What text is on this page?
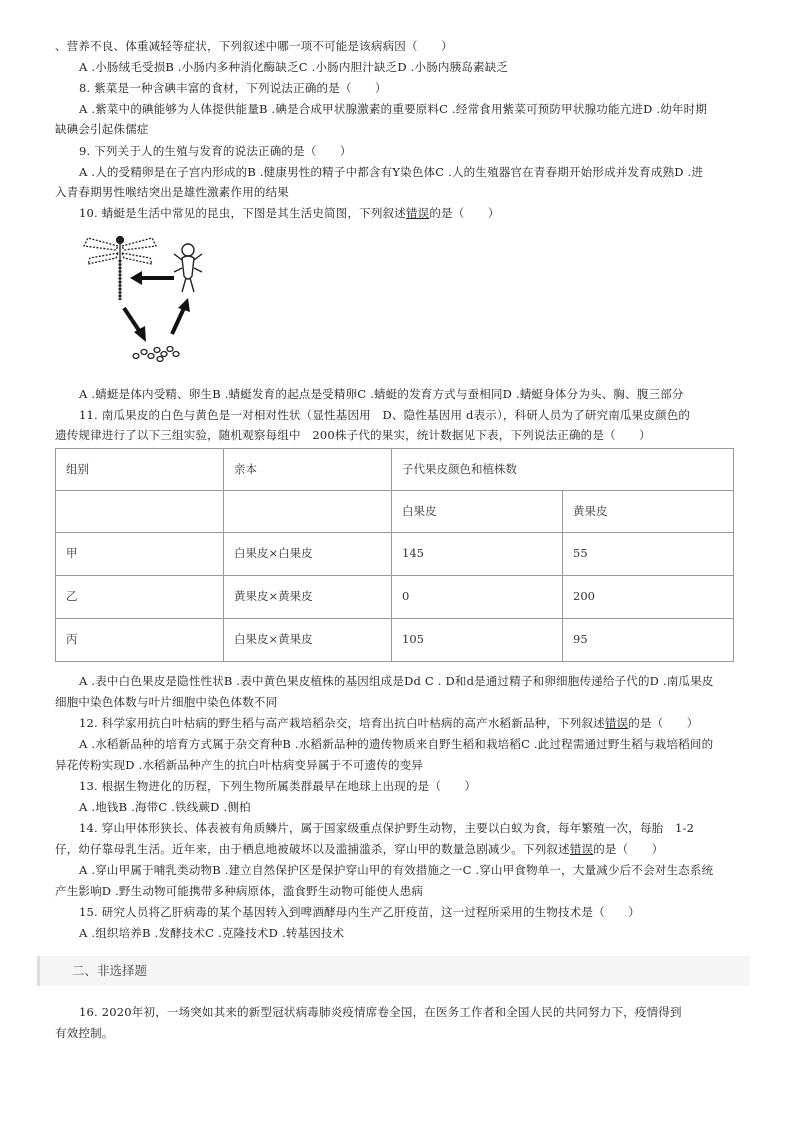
、营养不良、体重减轻等症状，下列叙述中哪一项不可能是该病病因（　　）
A .小肠绒毛受损B .小肠内多种消化酶缺乏C .小肠内胆汁缺乏D .小肠内胰岛素缺乏
8. 紫菜是一种含碘丰富的食材，下列说法正确的是（　　）
A .紫菜中的碘能够为人体提供能量B .碘是合成甲状腺激素的重要原料C .经常食用紫菜可预防甲状腺功能亢进D .幼年时期
缺碘会引起侏儒症
9. 下列关于人的生殖与发育的说法正确的是（　　）
A .人的受精卵是在子宫内形成的B .健康男性的精子中都含有Y染色体C .人的生殖器官在青春期开始形成并发育成熟D .进
入青春期男性喉结突出是雄性激素作用的结果
10. 蜻蜓是生活中常见的昆虫，下图是其生活史简图，下列叙述错误的是（　　）
A .蜻蜓是体内受精、卵生B .蜻蜓发育的起点是受精卵C .蜻蜓的发育方式与蚕相同D .蜻蜓身体分为头、胸、腹三部分
11. 南瓜果皮的白色与黄色是一对相对性状（显性基因用　D、隐性基因用 d表示），科研人员为了研究南瓜果皮颜色的
遗传规律进行了以下三组实验，随机观察每组中　200株子代的果实，统计数据见下表，下列说法正确的是（　　）
组别	亲本	子代果皮颜色和植株数	
		白果皮	黄果皮
甲	白果皮×白果皮	145	55
乙	黄果皮×黄果皮	0	200
丙	白果皮×黄果皮	105	95
A .表中白色果皮是隐性性状B .表中黄色果皮植株的基因组成是Dd C . D和d是通过精子和卵细胞传递给子代的D .南瓜果皮
细胞中染色体数与叶片细胞中染色体数不同
12. 科学家用抗白叶枯病的野生稻与高产栽培稻杂交，培育出抗白叶枯病的高产水稻新品种，下列叙述错误的是（　　）
A .水稻新品种的培育方式属于杂交育种B .水稻新品种的遗传物质来自野生稻和栽培稻C .此过程需通过野生稻与栽培稻间的
异花传粉实现D .水稻新品种产生的抗白叶枯病变异属于不可遗传的变异
13. 根据生物进化的历程，下列生物所属类群最早在地球上出现的是（　　）
A .地钱B .海带C .铁线蕨D .侧柏
14. 穿山甲体形狭长、体表被有角质鳞片，属于国家级重点保护野生动物，主要以白蚁为食，每年繁殖一次，每胎　1-2
仔，幼仔靠母乳生活。近年来，由于栖息地被破坏以及滥捕滥杀，穿山甲的数量急剧减少。下列叙述错误的是（　　）
A .穿山甲属于哺乳类动物B .建立自然保护区是保护穿山甲的有效措施之一C .穿山甲食物单一，大量减少后不会对生态系统
产生影响D .野生动物可能携带多种病原体，滥食野生动物可能使人患病
15. 研究人员将乙肝病毒的某个基因转入到啤酒酵母内生产乙肝疫苗，这一过程所采用的生物技术是（　　）
A .组织培养B .发酵技术C .克隆技术D .转基因技术
二、非选择题
16. 2020年初，一场突如其来的新型冠状病毒肺炎疫情席卷全国，在医务工作者和全国人民的共同努力下，疫情得到
有效控制。
